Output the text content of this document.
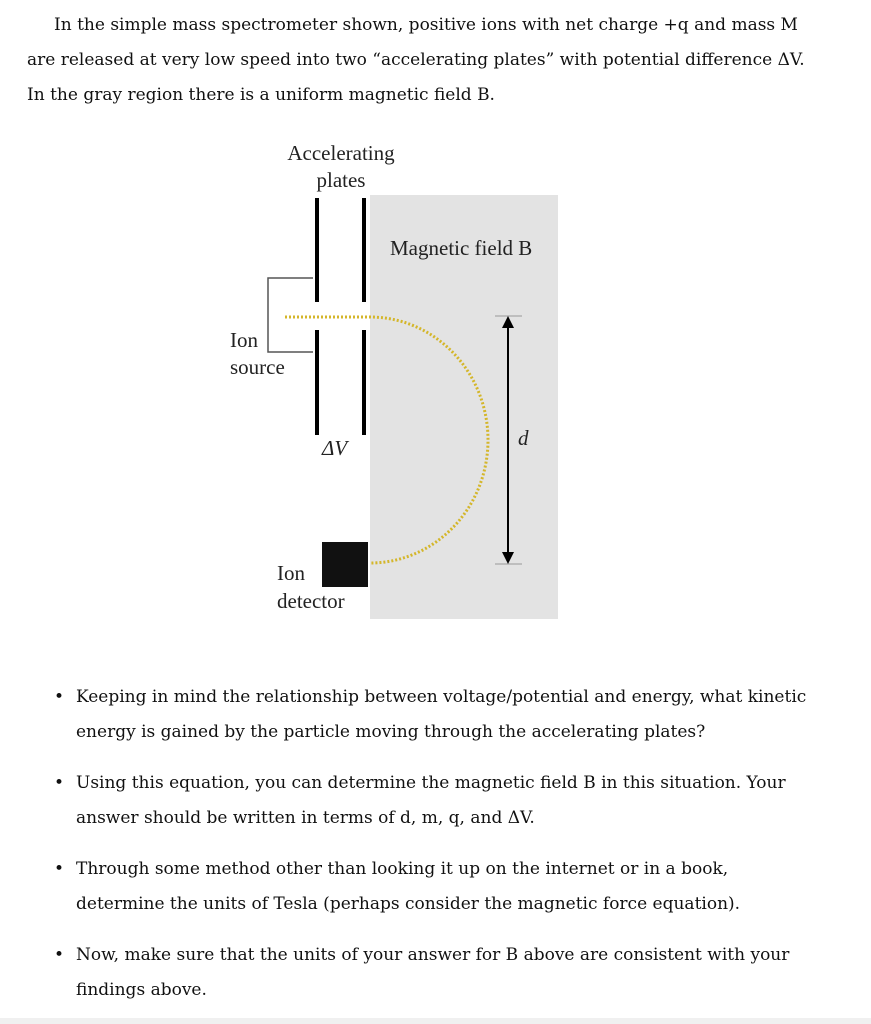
In the simple mass spectrometer shown, positive ions with net charge +q and mass M
are released at very low speed into two “accelerating plates” with potential difference ΔV.
In the gray region there is a uniform magnetic field B.
Accelerating
plates
Magnetic field B
Ion
source
ΔV	d
Ion
detector
• Keeping in mind the relationship between voltage/potential and energy, what kinetic energy is gained by the particle moving through the accelerating plates?
• Using this equation, you can determine the magnetic field B in this situation. Your answer should be written in terms of d, m, q, and ΔV.
• Through some method other than looking it up on the internet or in a book, determine the units of Tesla (perhaps consider the magnetic force equation).
• Now, make sure that the units of your answer for B above are consistent with your findings above.
